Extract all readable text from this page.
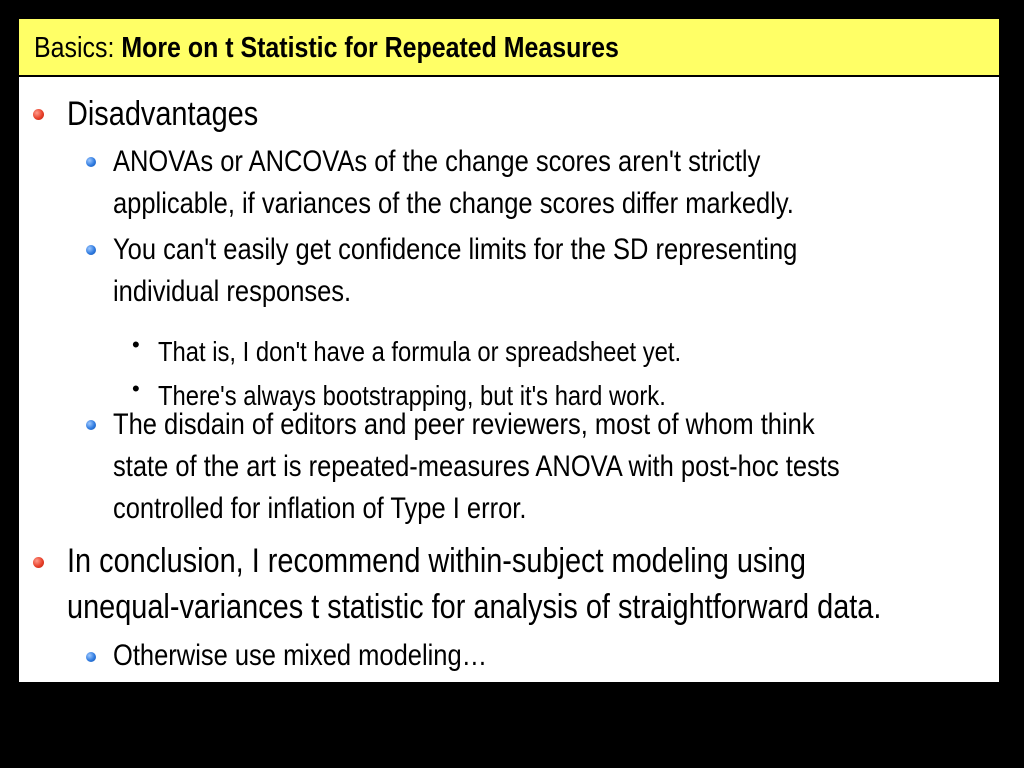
Basics: More on t Statistic for Repeated Measures
Disadvantages
ANOVAs or ANCOVAs of the change scores aren't strictly
applicable, if variances of the change scores differ markedly.
You can't easily get confidence limits for the SD representing
individual responses.
• That is, I don't have a formula or spreadsheet yet.
• There's always bootstrapping, but it's hard work.
The disdain of editors and peer reviewers, most of whom think
state of the art is repeated-measures ANOVA with post-hoc tests
controlled for inflation of Type I error.
In conclusion, I recommend within-subject modeling using
unequal-variances t statistic for analysis of straightforward data.
Otherwise use mixed modeling…
